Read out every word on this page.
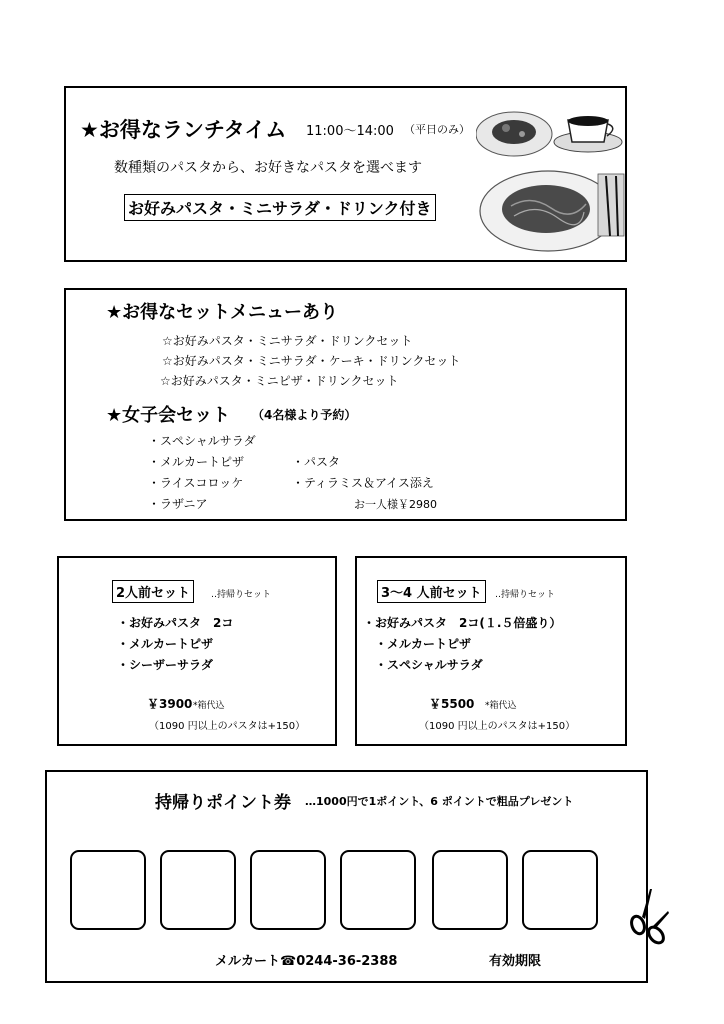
★お得なランチタイム 11:00～14:00 （平日のみ）
数種類のパスタから、お好きなパスタを選べます
お好みパスタ・ミニサラダ・ドリンク付き
★お得なセットメニューあり
☆お好みパスタ・ミニサラダ・ドリンクセット
☆お好みパスタ・ミニサラダ・ケーキ・ドリンクセット
☆お好みパスタ・ミニピザ・ドリンクセット
★女子会セット （4名様より予約）
・スペシャルサラダ
・メルカートピザ
・ライスコロッケ
・ラザニア
・パスタ
・ティラミス＆アイス添え
お一人様￥2980
2人前セット	‥持帰りセット
・お好みパスタ　2コ
・メルカートピザ
・シーザーサラダ
￥3900 *箱代込
（1090 円以上のパスタは+150）
3～4 人前セット	‥持帰りセット
・お好みパスタ　2コ(１.５倍盛り）
・メルカートピザ
・スペシャルサラダ
￥5500 *箱代込
（1090 円以上のパスタは+150）
持帰りポイント券 …1000円で1ポイント、6 ポイントで粗品プレゼント
メルカート☎0244-36-2388	有効期限
